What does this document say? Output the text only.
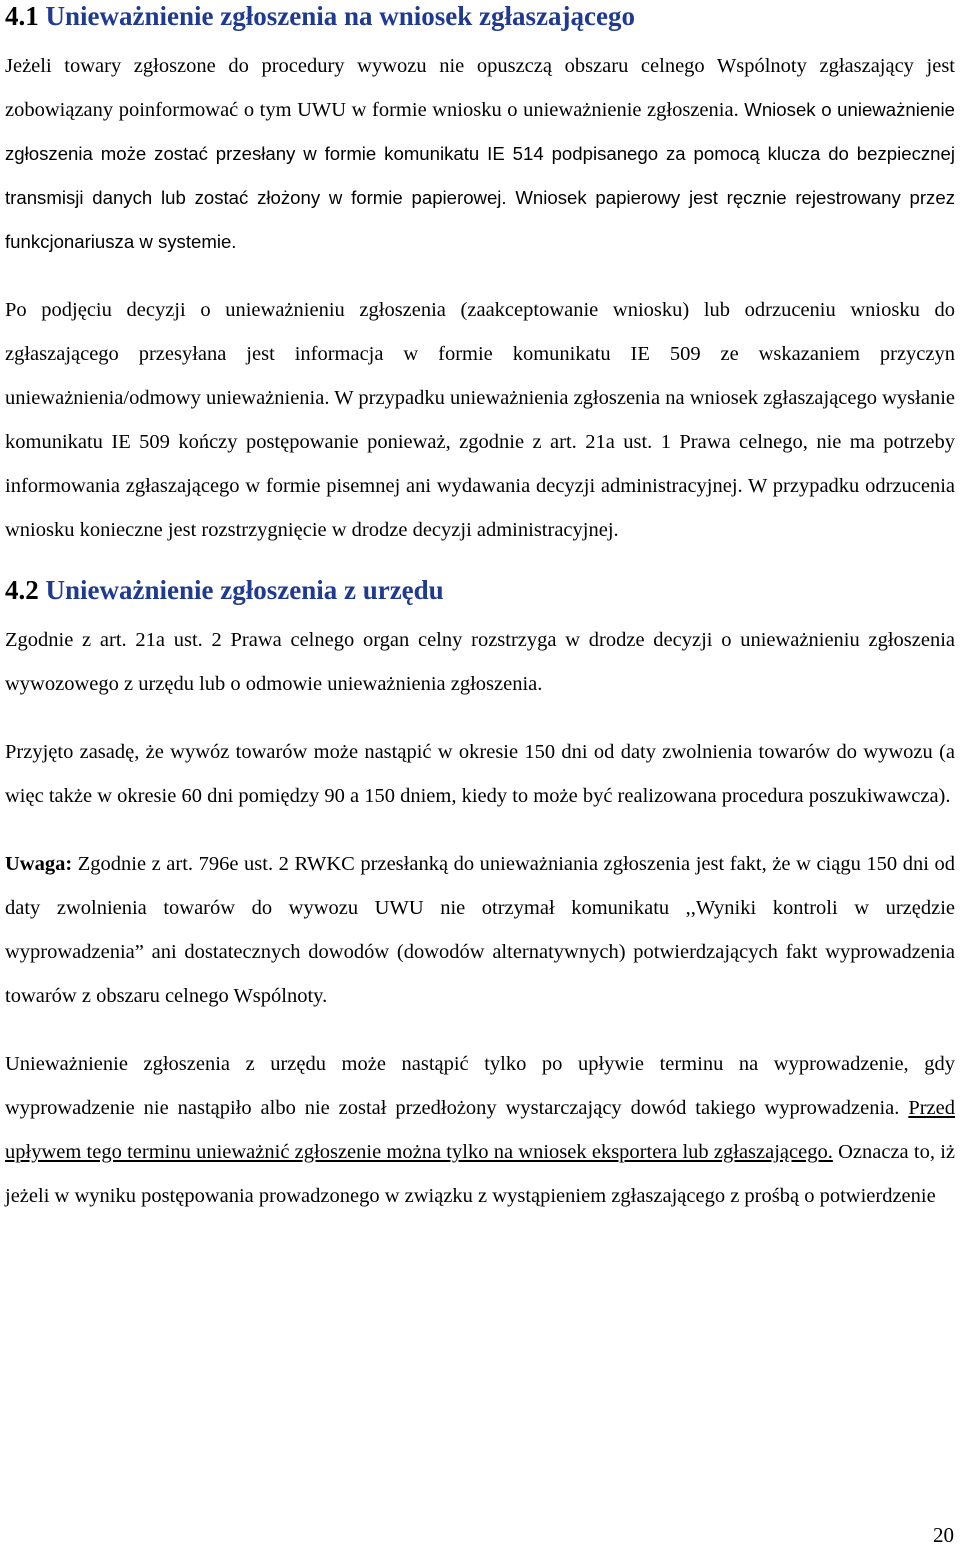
4.1 Unieważnienie zgłoszenia na wniosek zgłaszającego

Jeżeli towary zgłoszone do procedury wywozu nie opuszczą obszaru celnego Wspólnoty zgłaszający jest zobowiązany poinformować o tym UWU w formie wniosku o unieważnienie zgłoszenia. Wniosek o unieważnienie zgłoszenia może zostać przesłany w formie komunikatu IE 514 podpisanego za pomocą klucza do bezpiecznej transmisji danych lub zostać złożony w formie papierowej. Wniosek papierowy jest ręcznie rejestrowany przez funkcjonariusza w systemie.

Po podjęciu decyzji o unieważnieniu zgłoszenia (zaakceptowanie wniosku) lub odrzuceniu wniosku do zgłaszającego przesyłana jest informacja w formie komunikatu IE 509 ze wskazaniem przyczyn unieważnienia/odmowy unieważnienia. W przypadku unieważnienia zgłoszenia na wniosek zgłaszającego wysłanie komunikatu IE 509 kończy postępowanie ponieważ, zgodnie z art. 21a ust. 1 Prawa celnego, nie ma potrzeby informowania zgłaszającego w formie pisemnej ani wydawania decyzji administracyjnej. W przypadku odrzucenia wniosku konieczne jest rozstrzygnięcie w drodze decyzji administracyjnej.

4.2 Unieważnienie zgłoszenia z urzędu

Zgodnie z art. 21a ust. 2 Prawa celnego organ celny rozstrzyga w drodze decyzji o unieważnieniu zgłoszenia wywozowego z urzędu lub o odmowie unieważnienia zgłoszenia.

Przyjęto zasadę, że wywóz towarów może nastąpić w okresie 150 dni od daty zwolnienia towarów do wywozu (a więc także w okresie 60 dni pomiędzy 90 a 150 dniem, kiedy to może być realizowana procedura poszukiwawcza).

Uwaga: Zgodnie z art. 796e ust. 2 RWKC przesłanką do unieważniania zgłoszenia jest fakt, że w ciągu 150 dni od daty zwolnienia towarów do wywozu UWU nie otrzymał komunikatu ,,Wyniki kontroli w urzędzie wyprowadzenia” ani dostatecznych dowodów (dowodów alternatywnych) potwierdzających fakt wyprowadzenia towarów z obszaru celnego Wspólnoty.

Unieważnienie zgłoszenia z urzędu może nastąpić tylko po upływie terminu na wyprowadzenie, gdy wyprowadzenie nie nastąpiło albo nie został przedłożony wystarczający dowód takiego wyprowadzenia. Przed upływem tego terminu unieważnić zgłoszenie można tylko na wniosek eksportera lub zgłaszającego. Oznacza to, iż jeżeli w wyniku postępowania prowadzonego w związku z wystąpieniem zgłaszającego z prośbą o potwierdzenie

20
